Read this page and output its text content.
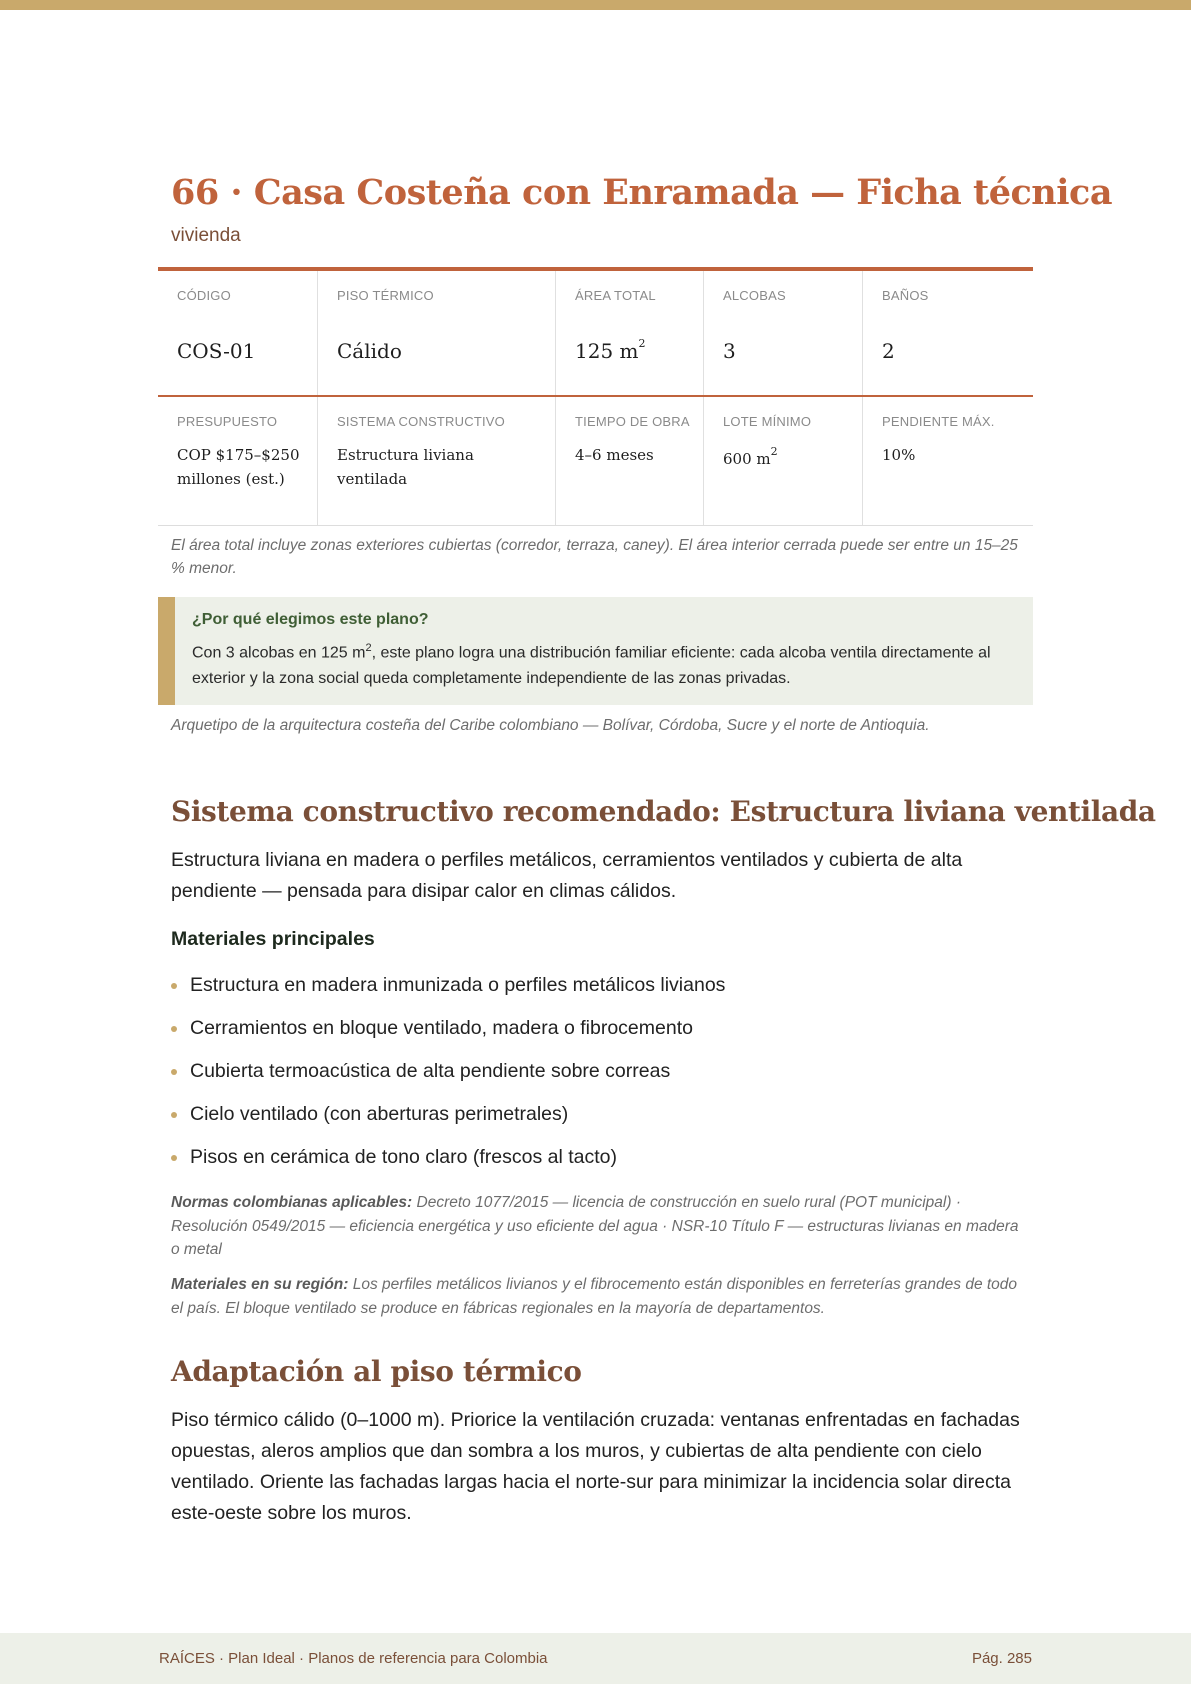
66 · Casa Costeña con Enramada — Ficha técnica
vivienda
CÓDIGO
COS-01
PISO TÉRMICO
Cálido
ÁREA TOTAL
125 $m^2$
ALCOBAS
3
BAÑOS
2
PRESUPUESTO
COP $175–$250 millones (est.)
SISTEMA CONSTRUCTIVO
Estructura liviana ventilada
TIEMPO DE OBRA
4–6 meses
LOTE MÍNIMO
600 $m^2$
PENDIENTE MÁX.
10%

El área total incluye zonas exteriores cubiertas (corredor, terraza, caney). El área interior cerrada puede ser entre un 15–25 % menor.

¿Por qué elegimos este plano?

Con 3 alcobas en 125 $m^2$, este plano logra una distribución familiar eficiente: cada alcoba ventila directamente al exterior y la zona social queda completamente independiente de las zonas privadas.

Arquetipo de la arquitectura costeña del Caribe colombiano — Bolívar, Córdoba, Sucre y el norte de Antioquia.

Sistema constructivo recomendado: Estructura liviana ventilada

Estructura liviana en madera o perfiles metálicos, cerramientos ventilados y cubierta de alta pendiente — pensada para disipar calor en climas cálidos.

Materiales principales
Estructura en madera inmunizada o perfiles metálicos livianos
Cerramientos en bloque ventilado, madera o fibrocemento
Cubierta termoacústica de alta pendiente sobre correas
Cielo ventilado (con aberturas perimetrales)
Pisos en cerámica de tono claro (frescos al tacto)

Normas colombianas aplicables: Decreto 1077/2015 — licencia de construcción en suelo rural (POT municipal) · Resolución 0549/2015 — eficiencia energética y uso eficiente del agua · NSR-10 Título F — estructuras livianas en madera o metal

Materiales en su región: Los perfiles metálicos livianos y el fibrocemento están disponibles en ferreterías grandes de todo el país. El bloque ventilado se produce en fábricas regionales en la mayoría de departamentos.

Adaptación al piso térmico

Piso térmico cálido (0–1000 m). Priorice la ventilación cruzada: ventanas enfrentadas en fachadas opuestas, aleros amplios que dan sombra a los muros, y cubiertas de alta pendiente con cielo ventilado. Oriente las fachadas largas hacia el norte-sur para minimizar la incidencia solar directa este-oeste sobre los muros.

RAÍCES · Plan Ideal · Planos de referencia para Colombia	Pág. 285
